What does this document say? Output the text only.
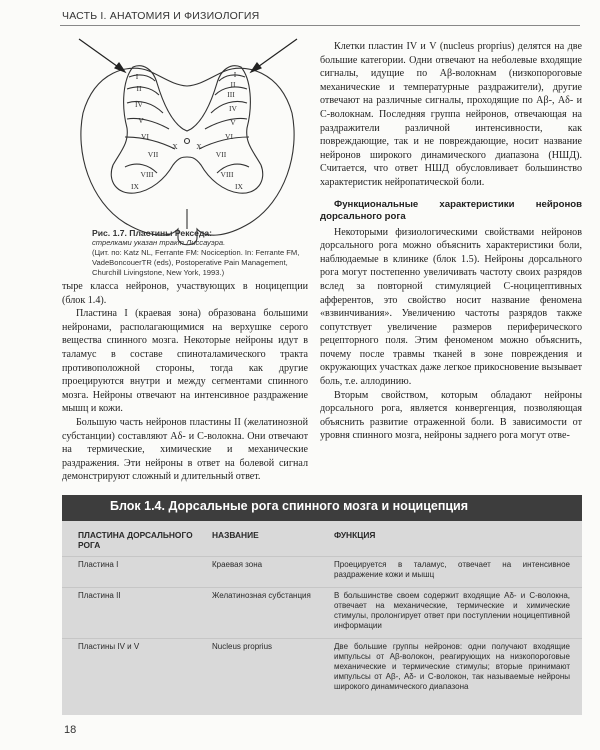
ЧАСТЬ I. АНАТОМИЯ И ФИЗИОЛОГИЯ
I
II
IV
V
VI
VII
X
VIII
IX
I
II
III
IV
V
VI
VII
X
VIII
IX
Рис. 1.7. Пластины Рекседа:
стрелками указан тракт Лиссауэра.
(Цит. по: Katz NL, Ferrante FM: Nociception. In: Ferrante FM, VadeBoncouerTR (eds), Postoperative Pain Management, Churchill Livingstone, New York, 1993.)

тыре класса нейронов, участвующих в ноцицепции (блок 1.4).

Пластина I (краевая зона) образована большими нейронами, располагающимися на верхушке серого вещества спинного мозга. Некоторые нейроны идут в таламус в составе спиноталамического тракта противоположной стороны, тогда как другие проецируются внутри и между сегментами спинного мозга. Нейроны отвечают на интенсивное раздражение мышц и кожи.

Большую часть нейронов пластины II (желатинозной субстанции) составляют Аδ- и С-волокна. Они отвечают на термические, химические и механические раздражения. Эти нейроны в ответ на болевой сигнал демонстрируют сложный и длительный ответ.

Клетки пластин IV и V (nucleus proprius) делятся на две большие категории. Одни отвечают на неболевые входящие сигналы, идущие по Аβ-волокнам (низкопороговые механические и температурные раздражители), другие отвечают на различные сигналы, проходящие по Аβ-, Аδ- и С-волокнам. Последняя группа нейронов, отвечающая на раздражители различной интенсивности, как повреждающие, так и не повреждающие, носит название нейронов широкого динамического диапазона (НШД). Считается, что ответ НШД обусловливает большинство характеристик нейропатической боли.

Функциональные характеристики нейронов дорсального рога

Некоторыми физиологическими свойствами нейронов дорсального рога можно объяснить характеристики боли, наблюдаемые в клинике (блок 1.5). Нейроны дорсального рога могут постепенно увеличивать частоту своих разрядов вслед за повторной стимуляцией С-ноцицептивных афферентов, это свойство носит название феномена «взвинчивания». Увеличению частоты разрядов также сопутствует увеличение размеров периферического рецепторного поля. Этим феноменом можно объяснить, почему после травмы тканей в зоне повреждения и окружающих участках даже легкое прикосновение вызывает боль, т.е. аллодинию.

Вторым свойством, которым обладают нейроны дорсального рога, является конвергенция, позволяющая объяснить развитие отраженной боли. В зависимости от уровня спинного мозга, нейроны заднего рога могут отве-

Блок 1.4. Дорсальные рога спинного мозга и ноцицепция
ПЛАСТИНА ДОРСАЛЬНОГО РОГА	НАЗВАНИЕ	ФУНКЦИЯ
Пластина I	Краевая зона	Проецируется в таламус, отвечает на интенсивное раздражение кожи и мышц
Пластина II	Желатинозная субстанция	В большинстве своем содержит входящие Аδ- и С-волокна, отвечает на механические, термические и химические стимулы, пролонгирует ответ при поступлении ноцицептивной информации
Пластины IV и V	Nucleus proprius	Две большие группы нейронов: одни получают входящие импульсы от Аβ-волокон, реагирующих на низкопороговые механические и термические стимулы; вторые принимают импульсы от Аβ-, Аδ- и С-волокон, так называемые нейроны широкого динамического диапазона
18
